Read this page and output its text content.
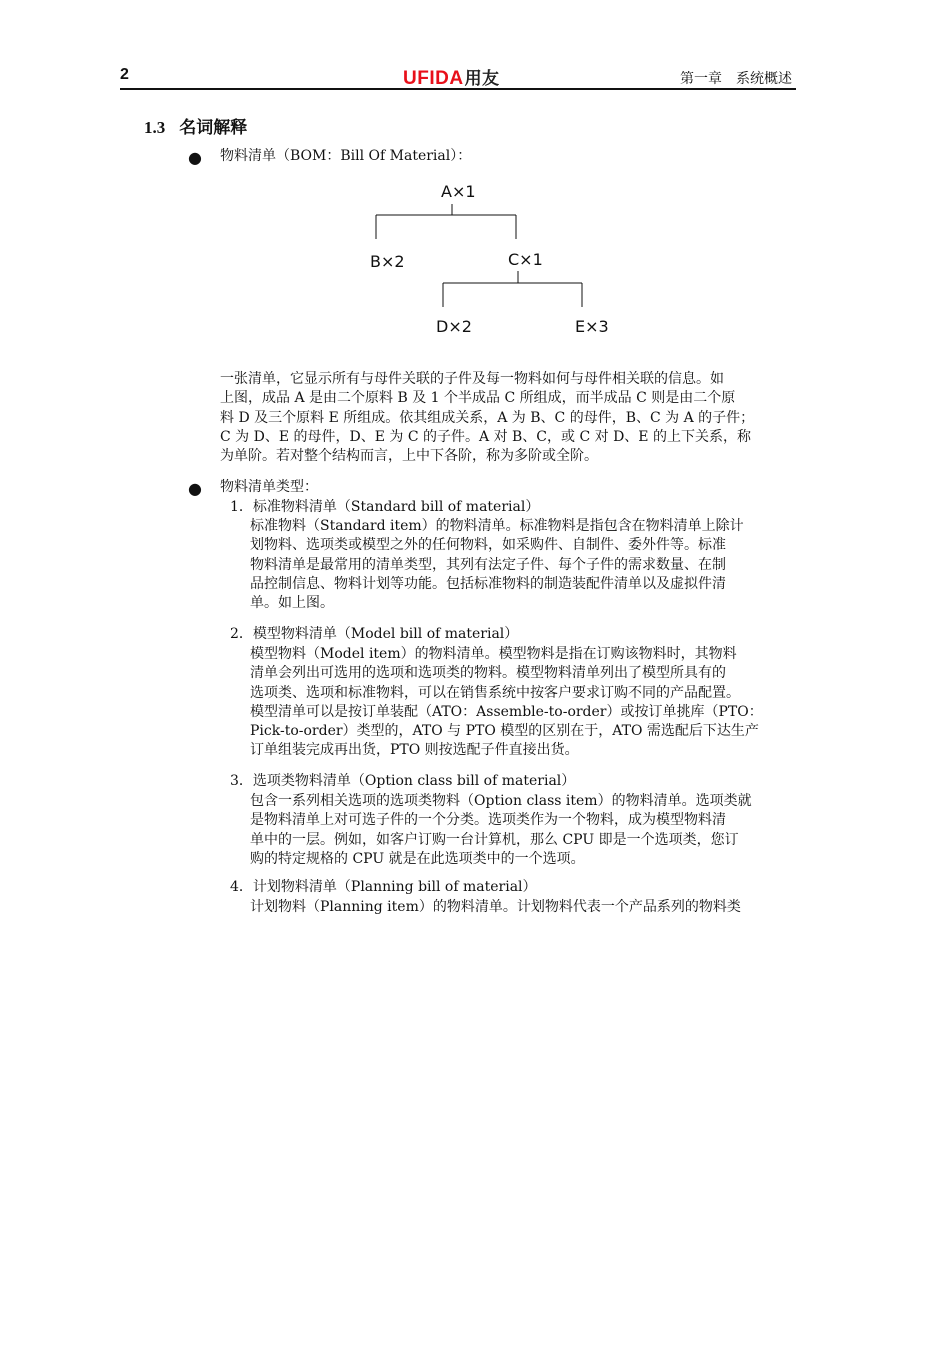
2	UFIDA用友	第一章　系统概述
1.3 名词解释
● 物料清单（BOM：Bill Of Material）：
A×1
B×2	C×1
D×2	E×3
一张清单，它显示所有与母件关联的子件及每一物料如何与母件相关联的信息。如
上图，成品 A 是由二个原料 B 及 1 个半成品 C 所组成，而半成品 C 则是由二个原
料 D 及三个原料 E 所组成。依其组成关系，A 为 B、C 的母件，B、C 为 A 的子件；
C 为 D、E 的母件，D、E 为 C 的子件。A 对 B、C，或 C 对 D、E 的上下关系，称
为单阶。若对整个结构而言，上中下各阶，称为多阶或全阶。
● 物料清单类型：
1．标准物料清单（Standard bill of material）
标准物料（Standard item）的物料清单。标准物料是指包含在物料清单上除计
划物料、选项类或模型之外的任何物料，如采购件、自制件、委外件等。标准
物料清单是最常用的清单类型，其列有法定子件、每个子件的需求数量、在制
品控制信息、物料计划等功能。包括标准物料的制造装配件清单以及虚拟件清
单。如上图。
2．模型物料清单（Model bill of material）
模型物料（Model item）的物料清单。模型物料是指在订购该物料时，其物料
清单会列出可选用的选项和选项类的物料。模型物料清单列出了模型所具有的
选项类、选项和标准物料，可以在销售系统中按客户要求订购不同的产品配置。
模型清单可以是按订单装配（ATO：Assemble-to-order）或按订单挑库（PTO：
Pick-to-order）类型的，ATO 与 PTO 模型的区别在于，ATO 需选配后下达生产
订单组装完成再出货，PTO 则按选配子件直接出货。
3．选项类物料清单（Option class bill of material）
包含一系列相关选项的选项类物料（Option class item）的物料清单。选项类就
是物料清单上对可选子件的一个分类。选项类作为一个物料，成为模型物料清
单中的一层。例如，如客户订购一台计算机，那么 CPU 即是一个选项类，您订
购的特定规格的 CPU 就是在此选项类中的一个选项。
4．计划物料清单（Planning bill of material）
计划物料（Planning item）的物料清单。计划物料代表一个产品系列的物料类
